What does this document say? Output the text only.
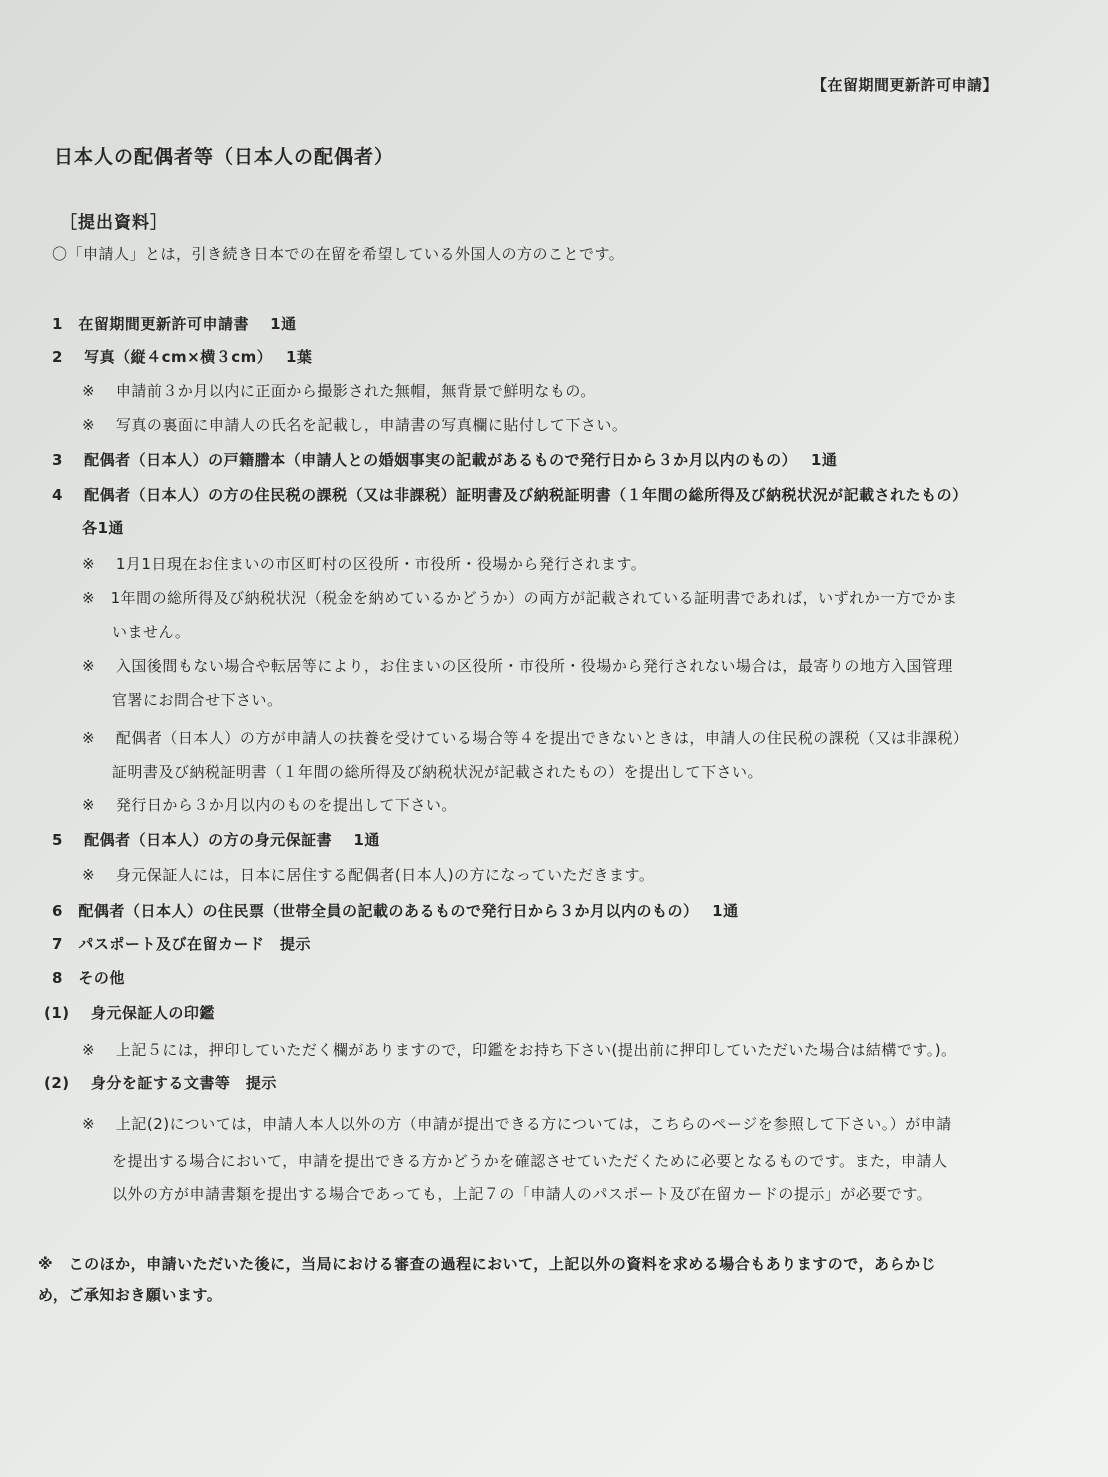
【在留期間更新許可申請】
日本人の配偶者等（日本人の配偶者）
［提出資料］
〇「申請人」とは，引き続き日本での在留を希望している外国人の方のことです。
1　在留期間更新許可申請書　 1通
2　 写真（縦４cm×横３cm）　 1葉
※　 申請前３か月以内に正面から撮影された無帽，無背景で鮮明なもの。
※　 写真の裏面に申請人の氏名を記載し，申請書の写真欄に貼付して下さい。
3　 配偶者（日本人）の戸籍謄本（申請人との婚姻事実の記載があるもので発行日から３か月以内のもの）　 1通
4　 配偶者（日本人）の方の住民税の課税（又は非課税）証明書及び納税証明書（１年間の総所得及び納税状況が記載されたもの）
各1通
※　 1月1日現在お住まいの市区町村の区役所・市役所・役場から発行されます。
※　1年間の総所得及び納税状況（税金を納めているかどうか）の両方が記載されている証明書であれば，いずれか一方でかま
いません。
※　 入国後間もない場合や転居等により，お住まいの区役所・市役所・役場から発行されない場合は，最寄りの地方入国管理
官署にお問合せ下さい。
※　 配偶者（日本人）の方が申請人の扶養を受けている場合等４を提出できないときは，申請人の住民税の課税（又は非課税）
証明書及び納税証明書（１年間の総所得及び納税状況が記載されたもの）を提出して下さい。
※　 発行日から３か月以内のものを提出して下さい。
5　 配偶者（日本人）の方の身元保証書　 1通
※　 身元保証人には，日本に居住する配偶者(日本人)の方になっていただきます。
6　配偶者（日本人）の住民票（世帯全員の記載のあるもので発行日から３か月以内のもの）　 1通
7　パスポート及び在留カード　提示
8　その他
(1)　 身元保証人の印鑑
※　 上記５には，押印していただく欄がありますので，印鑑をお持ち下さい(提出前に押印していただいた場合は結構です。)。
(2)　 身分を証する文書等　提示
※　 上記(2)については，申請人本人以外の方（申請が提出できる方については，こちらのページを参照して下さい。）が申請
を提出する場合において，申請を提出できる方かどうかを確認させていただくために必要となるものです。また，申請人
以外の方が申請書類を提出する場合であっても，上記７の「申請人のパスポート及び在留カードの提示」が必要です。
※　このほか，申請いただいた後に，当局における審査の過程において，上記以外の資料を求める場合もありますので，あらかじ
め，ご承知おき願います。
